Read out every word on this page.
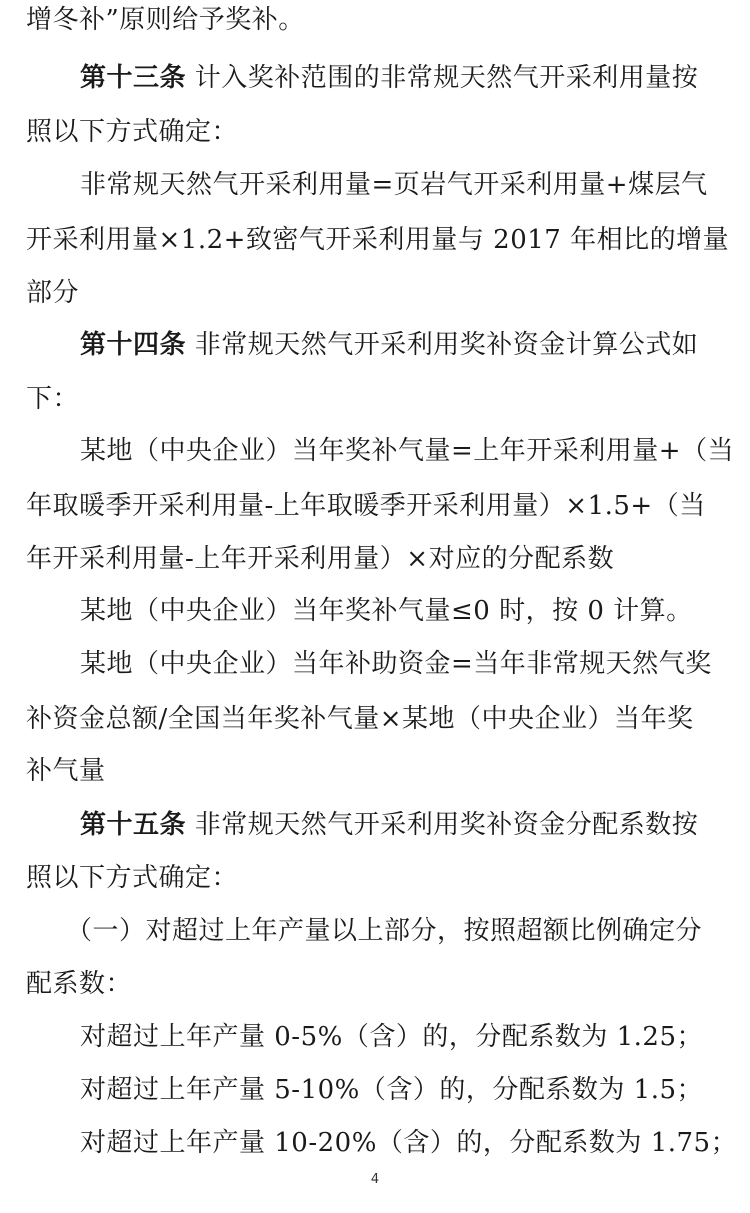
增冬补”原则给予奖补。
第十三条 计入奖补范围的非常规天然气开采利用量按
照以下方式确定：
非常规天然气开采利用量=页岩气开采利用量+煤层气
开采利用量×1.2+致密气开采利用量与 2017 年相比的增量
部分
第十四条 非常规天然气开采利用奖补资金计算公式如
下：
某地（中央企业）当年奖补气量=上年开采利用量+（当
年取暖季开采利用量-上年取暖季开采利用量）×1.5+（当
年开采利用量-上年开采利用量）×对应的分配系数
某地（中央企业）当年奖补气量≤0 时，按 0 计算。
某地（中央企业）当年补助资金=当年非常规天然气奖
补资金总额/全国当年奖补气量×某地（中央企业）当年奖
补气量
第十五条 非常规天然气开采利用奖补资金分配系数按
照以下方式确定：
（一）对超过上年产量以上部分，按照超额比例确定分
配系数：
对超过上年产量 0-5%（含）的，分配系数为 1.25；
对超过上年产量 5-10%（含）的，分配系数为 1.5；
对超过上年产量 10-20%（含）的，分配系数为 1.75；
4
